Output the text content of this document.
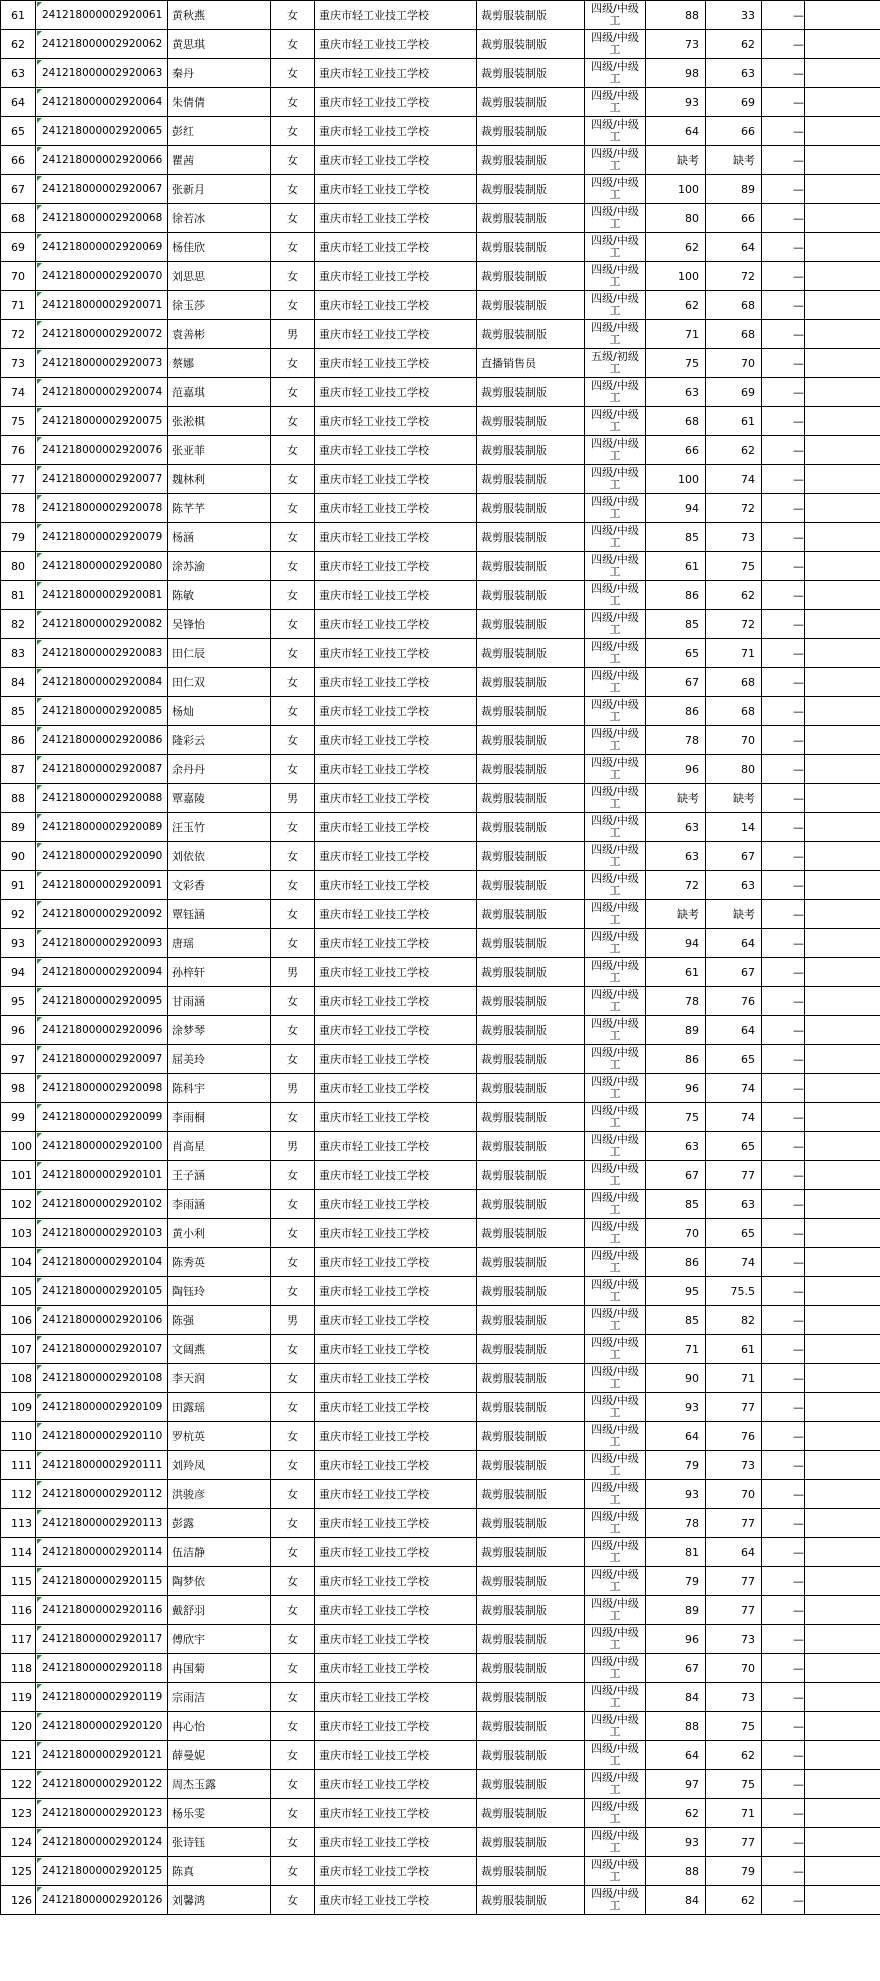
61	241218000002920061	黄秋燕	女	重庆市轻工业技工学校	裁剪服装制版	四级/中级工	88	33	—	
62	241218000002920062	黄思琪	女	重庆市轻工业技工学校	裁剪服装制版	四级/中级工	73	62	—	
63	241218000002920063	秦丹	女	重庆市轻工业技工学校	裁剪服装制版	四级/中级工	98	63	—	
64	241218000002920064	朱倩倩	女	重庆市轻工业技工学校	裁剪服装制版	四级/中级工	93	69	—	
65	241218000002920065	彭红	女	重庆市轻工业技工学校	裁剪服装制版	四级/中级工	64	66	—	
66	241218000002920066	瞿茜	女	重庆市轻工业技工学校	裁剪服装制版	四级/中级工	缺考	缺考	—	
67	241218000002920067	张新月	女	重庆市轻工业技工学校	裁剪服装制版	四级/中级工	100	89	—	
68	241218000002920068	徐若冰	女	重庆市轻工业技工学校	裁剪服装制版	四级/中级工	80	66	—	
69	241218000002920069	杨佳欣	女	重庆市轻工业技工学校	裁剪服装制版	四级/中级工	62	64	—	
70	241218000002920070	刘思思	女	重庆市轻工业技工学校	裁剪服装制版	四级/中级工	100	72	—	
71	241218000002920071	徐玉莎	女	重庆市轻工业技工学校	裁剪服装制版	四级/中级工	62	68	—	
72	241218000002920072	袁善彬	男	重庆市轻工业技工学校	裁剪服装制版	四级/中级工	71	68	—	
73	241218000002920073	蔡娜	女	重庆市轻工业技工学校	直播销售员	五级/初级工	75	70	—	
74	241218000002920074	范嘉琪	女	重庆市轻工业技工学校	裁剪服装制版	四级/中级工	63	69	—	
75	241218000002920075	张淞棋	女	重庆市轻工业技工学校	裁剪服装制版	四级/中级工	68	61	—	
76	241218000002920076	张亚菲	女	重庆市轻工业技工学校	裁剪服装制版	四级/中级工	66	62	—	
77	241218000002920077	魏林利	女	重庆市轻工业技工学校	裁剪服装制版	四级/中级工	100	74	—	
78	241218000002920078	陈芊芊	女	重庆市轻工业技工学校	裁剪服装制版	四级/中级工	94	72	—	
79	241218000002920079	杨涵	女	重庆市轻工业技工学校	裁剪服装制版	四级/中级工	85	73	—	
80	241218000002920080	涂苏渝	女	重庆市轻工业技工学校	裁剪服装制版	四级/中级工	61	75	—	
81	241218000002920081	陈敏	女	重庆市轻工业技工学校	裁剪服装制版	四级/中级工	86	62	—	
82	241218000002920082	吴锋怡	女	重庆市轻工业技工学校	裁剪服装制版	四级/中级工	85	72	—	
83	241218000002920083	田仁辰	女	重庆市轻工业技工学校	裁剪服装制版	四级/中级工	65	71	—	
84	241218000002920084	田仁双	女	重庆市轻工业技工学校	裁剪服装制版	四级/中级工	67	68	—	
85	241218000002920085	杨灿	女	重庆市轻工业技工学校	裁剪服装制版	四级/中级工	86	68	—	
86	241218000002920086	隆彩云	女	重庆市轻工业技工学校	裁剪服装制版	四级/中级工	78	70	—	
87	241218000002920087	余丹丹	女	重庆市轻工业技工学校	裁剪服装制版	四级/中级工	96	80	—	
88	241218000002920088	覃嘉陵	男	重庆市轻工业技工学校	裁剪服装制版	四级/中级工	缺考	缺考	—	
89	241218000002920089	汪玉竹	女	重庆市轻工业技工学校	裁剪服装制版	四级/中级工	63	14	—	
90	241218000002920090	刘依依	女	重庆市轻工业技工学校	裁剪服装制版	四级/中级工	63	67	—	
91	241218000002920091	文彩香	女	重庆市轻工业技工学校	裁剪服装制版	四级/中级工	72	63	—	
92	241218000002920092	覃钰涵	女	重庆市轻工业技工学校	裁剪服装制版	四级/中级工	缺考	缺考	—	
93	241218000002920093	唐瑶	女	重庆市轻工业技工学校	裁剪服装制版	四级/中级工	94	64	—	
94	241218000002920094	孙梓轩	男	重庆市轻工业技工学校	裁剪服装制版	四级/中级工	61	67	—	
95	241218000002920095	甘雨涵	女	重庆市轻工业技工学校	裁剪服装制版	四级/中级工	78	76	—	
96	241218000002920096	涂梦琴	女	重庆市轻工业技工学校	裁剪服装制版	四级/中级工	89	64	—	
97	241218000002920097	屈美玲	女	重庆市轻工业技工学校	裁剪服装制版	四级/中级工	86	65	—	
98	241218000002920098	陈科宇	男	重庆市轻工业技工学校	裁剪服装制版	四级/中级工	96	74	—	
99	241218000002920099	李雨桐	女	重庆市轻工业技工学校	裁剪服装制版	四级/中级工	75	74	—	
100	241218000002920100	肖高星	男	重庆市轻工业技工学校	裁剪服装制版	四级/中级工	63	65	—	
101	241218000002920101	王子涵	女	重庆市轻工业技工学校	裁剪服装制版	四级/中级工	67	77	—	
102	241218000002920102	李雨涵	女	重庆市轻工业技工学校	裁剪服装制版	四级/中级工	85	63	—	
103	241218000002920103	黄小利	女	重庆市轻工业技工学校	裁剪服装制版	四级/中级工	70	65	—	
104	241218000002920104	陈秀英	女	重庆市轻工业技工学校	裁剪服装制版	四级/中级工	86	74	—	
105	241218000002920105	陶钰玲	女	重庆市轻工业技工学校	裁剪服装制版	四级/中级工	95	75.5	—	
106	241218000002920106	陈强	男	重庆市轻工业技工学校	裁剪服装制版	四级/中级工	85	82	—	
107	241218000002920107	文阔燕	女	重庆市轻工业技工学校	裁剪服装制版	四级/中级工	71	61	—	
108	241218000002920108	李天润	女	重庆市轻工业技工学校	裁剪服装制版	四级/中级工	90	71	—	
109	241218000002920109	田露瑶	女	重庆市轻工业技工学校	裁剪服装制版	四级/中级工	93	77	—	
110	241218000002920110	罗杭英	女	重庆市轻工业技工学校	裁剪服装制版	四级/中级工	64	76	—	
111	241218000002920111	刘羚凤	女	重庆市轻工业技工学校	裁剪服装制版	四级/中级工	79	73	—	
112	241218000002920112	洪骏彦	女	重庆市轻工业技工学校	裁剪服装制版	四级/中级工	93	70	—	
113	241218000002920113	彭露	女	重庆市轻工业技工学校	裁剪服装制版	四级/中级工	78	77	—	
114	241218000002920114	伍洁静	女	重庆市轻工业技工学校	裁剪服装制版	四级/中级工	81	64	—	
115	241218000002920115	陶梦依	女	重庆市轻工业技工学校	裁剪服装制版	四级/中级工	79	77	—	
116	241218000002920116	戴舒羽	女	重庆市轻工业技工学校	裁剪服装制版	四级/中级工	89	77	—	
117	241218000002920117	傅欣宇	女	重庆市轻工业技工学校	裁剪服装制版	四级/中级工	96	73	—	
118	241218000002920118	冉国菊	女	重庆市轻工业技工学校	裁剪服装制版	四级/中级工	67	70	—	
119	241218000002920119	宗雨洁	女	重庆市轻工业技工学校	裁剪服装制版	四级/中级工	84	73	—	
120	241218000002920120	冉心怡	女	重庆市轻工业技工学校	裁剪服装制版	四级/中级工	88	75	—	
121	241218000002920121	薛曼妮	女	重庆市轻工业技工学校	裁剪服装制版	四级/中级工	64	62	—	
122	241218000002920122	周杰玉露	女	重庆市轻工业技工学校	裁剪服装制版	四级/中级工	97	75	—	
123	241218000002920123	杨乐雯	女	重庆市轻工业技工学校	裁剪服装制版	四级/中级工	62	71	—	
124	241218000002920124	张诗钰	女	重庆市轻工业技工学校	裁剪服装制版	四级/中级工	93	77	—	
125	241218000002920125	陈真	女	重庆市轻工业技工学校	裁剪服装制版	四级/中级工	88	79	—	
126	241218000002920126	刘馨鸿	女	重庆市轻工业技工学校	裁剪服装制版	四级/中级工	84	62	—	
